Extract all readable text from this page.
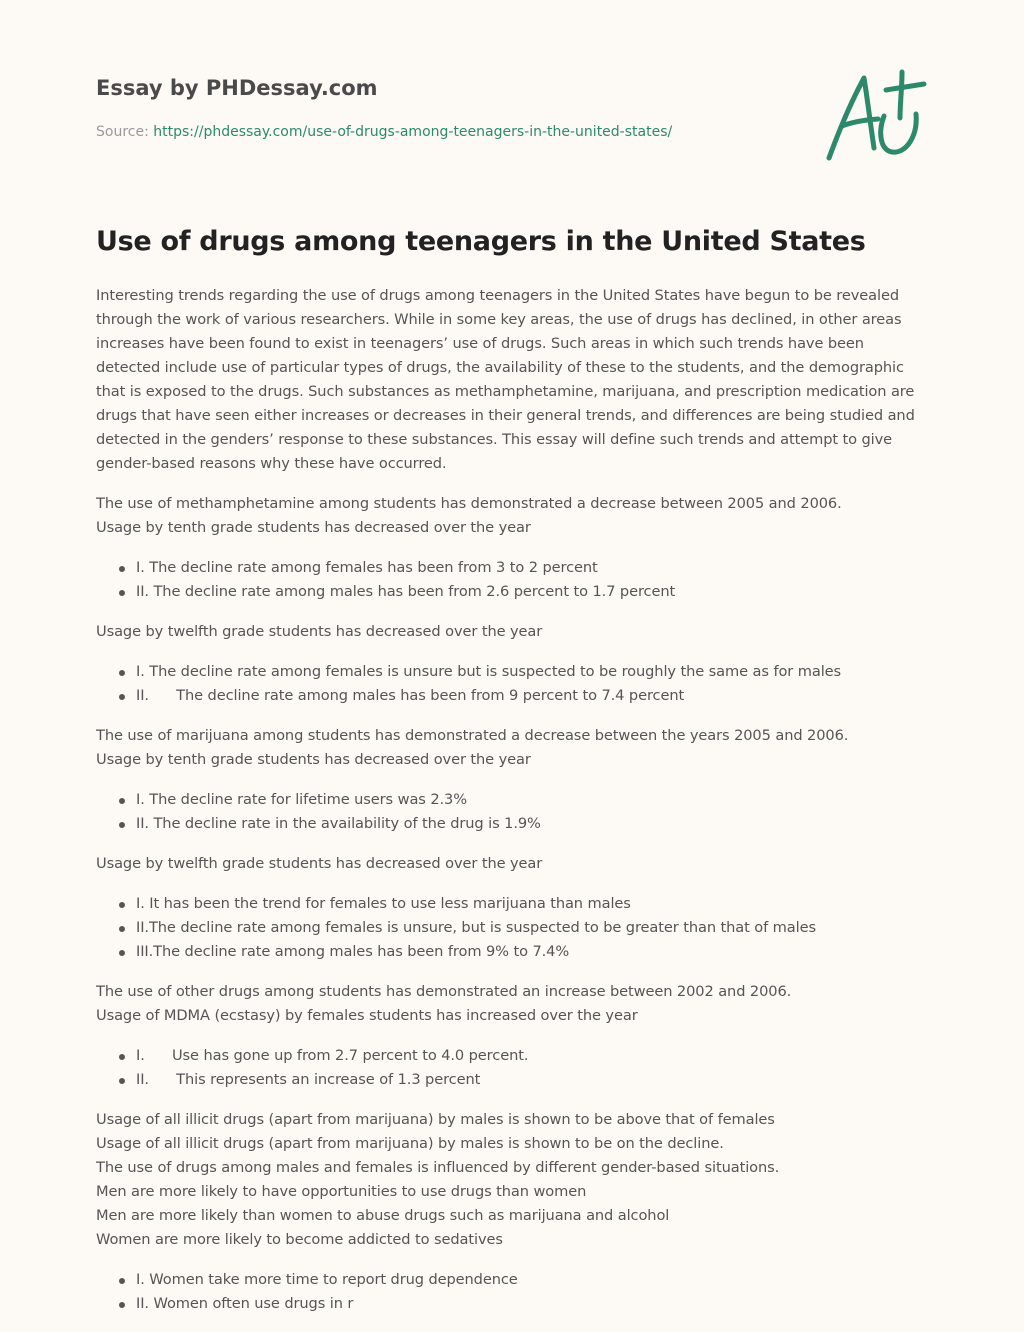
Essay by PHDessay.com
Source: https://phdessay.com/use-of-drugs-among-teenagers-in-the-united-states/
Use of drugs among teenagers in the United States

Interesting trends regarding the use of drugs among teenagers in the United States have begun to be revealed through the work of various researchers. While in some key areas, the use of drugs has declined, in other areas increases have been found to exist in teenagers’ use of drugs. Such areas in which such trends have been detected include use of particular types of drugs, the availability of these to the students, and the demographic that is exposed to the drugs. Such substances as methamphetamine, marijuana, and prescription medication are drugs that have seen either increases or decreases in their general trends, and differences are being studied and detected in the genders’ response to these substances. This essay will define such trends and attempt to give gender-based reasons why these have occurred.

The use of methamphetamine among students has demonstrated a decrease between 2005 and 2006.
Usage by tenth grade students has decreased over the year

I. The decline rate among females has been from 3 to 2 percent
II. The decline rate among males has been from 2.6 percent to 1.7 percent

Usage by twelfth grade students has decreased over the year

I. The decline rate among females is unsure but is suspected to be roughly the same as for males
II.      The decline rate among males has been from 9 percent to 7.4 percent

The use of marijuana among students has demonstrated a decrease between the years 2005 and 2006.
Usage by tenth grade students has decreased over the year

I. The decline rate for lifetime users was 2.3%
II. The decline rate in the availability of the drug is 1.9%

Usage by twelfth grade students has decreased over the year

I. It has been the trend for females to use less marijuana than males
II.The decline rate among females is unsure, but is suspected to be greater than that of males
III.The decline rate among males has been from 9% to 7.4%

The use of other drugs among students has demonstrated an increase between 2002 and 2006.
Usage of MDMA (ecstasy) by females students has increased over the year

I.      Use has gone up from 2.7 percent to 4.0 percent.
II.      This represents an increase of 1.3 percent

Usage of all illicit drugs (apart from marijuana) by males is shown to be above that of females
Usage of all illicit drugs (apart from marijuana) by males is shown to be on the decline.
The use of drugs among males and females is influenced by different gender-based situations.
Men are more likely to have opportunities to use drugs than women
Men are more likely than women to abuse drugs such as marijuana and alcohol
Women are more likely to become addicted to sedatives

I. Women take more time to report drug dependence
II. Women often use drugs in r
